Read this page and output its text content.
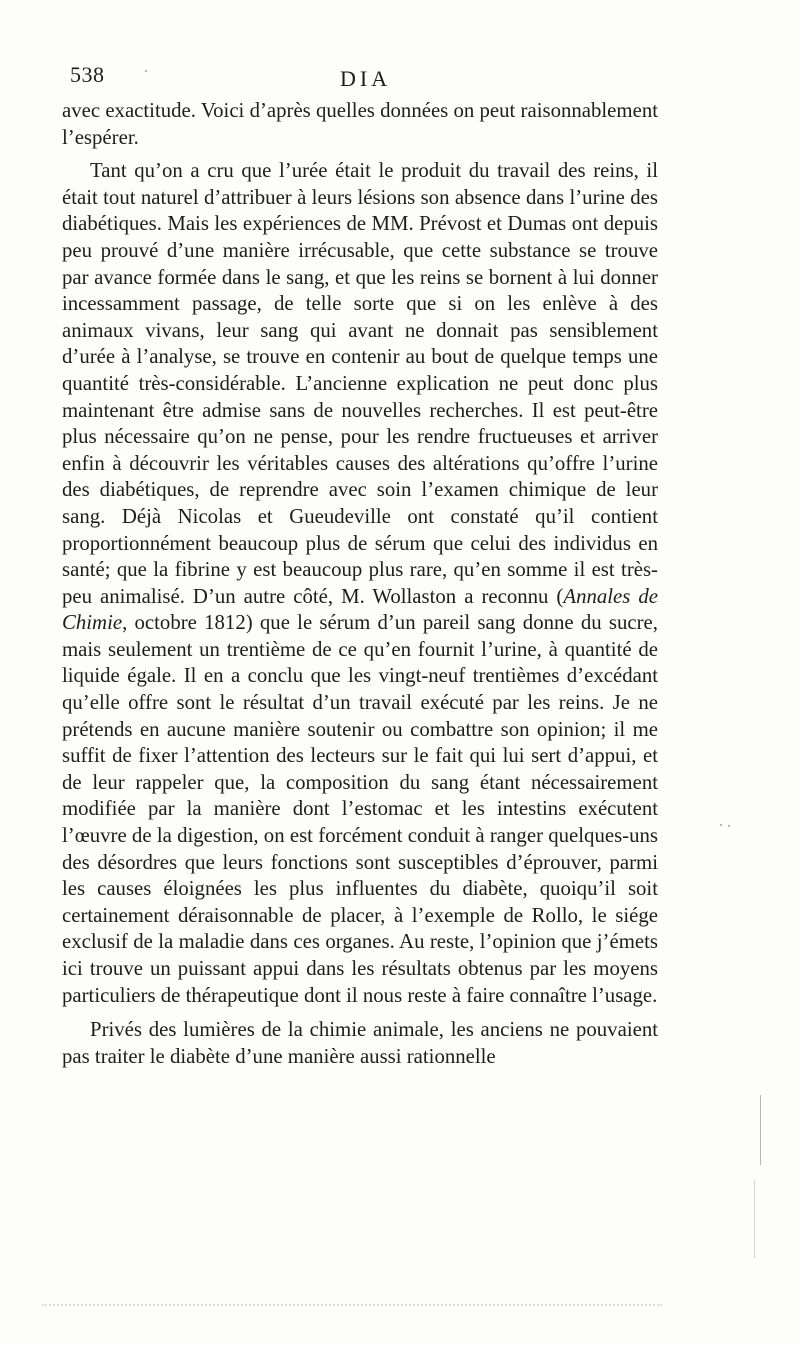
538	DIA

avec exactitude. Voici d’après quelles données on peut raisonnablement l’espérer.

Tant qu’on a cru que l’urée était le produit du travail des reins, il était tout naturel d’attribuer à leurs lésions son absence dans l’urine des diabétiques. Mais les expériences de MM. Prévost et Dumas ont depuis peu prouvé d’une manière irrécusable, que cette substance se trouve par avance formée dans le sang, et que les reins se bornent à lui donner incessamment passage, de telle sorte que si on les enlève à des animaux vivans, leur sang qui avant ne donnait pas sensiblement d’urée à l’analyse, se trouve en contenir au bout de quelque temps une quantité très-considérable. L’ancienne explication ne peut donc plus maintenant être admise sans de nouvelles recherches. Il est peut-être plus nécessaire qu’on ne pense, pour les rendre fructueuses et arriver enfin à découvrir les véritables causes des altérations qu’offre l’urine des diabétiques, de reprendre avec soin l’examen chimique de leur sang. Déjà Nicolas et Gueudeville ont constaté qu’il contient proportionnément beaucoup plus de sérum que celui des individus en santé; que la fibrine y est beaucoup plus rare, qu’en somme il est très-peu animalisé. D’un autre côté, M. Wollaston a reconnu (Annales de Chimie, octobre 1812) que le sérum d’un pareil sang donne du sucre, mais seulement un trentième de ce qu’en fournit l’urine, à quantité de liquide égale. Il en a conclu que les vingt-neuf trentièmes d’excédant qu’elle offre sont le résultat d’un travail exécuté par les reins. Je ne prétends en aucune manière soutenir ou combattre son opinion; il me suffit de fixer l’attention des lecteurs sur le fait qui lui sert d’appui, et de leur rappeler que, la composition du sang étant nécessairement modifiée par la manière dont l’estomac et les intestins exécutent l’œuvre de la digestion, on est forcément conduit à ranger quelques-uns des désordres que leurs fonctions sont susceptibles d’éprouver, parmi les causes éloignées les plus influentes du diabète, quoiqu’il soit certainement déraisonnable de placer, à l’exemple de Rollo, le siége exclusif de la maladie dans ces organes. Au reste, l’opinion que j’émets ici trouve un puissant appui dans les résultats obtenus par les moyens particuliers de thérapeutique dont il nous reste à faire connaître l’usage.

Privés des lumières de la chimie animale, les anciens ne pouvaient pas traiter le diabète d’une manière aussi rationnelle
